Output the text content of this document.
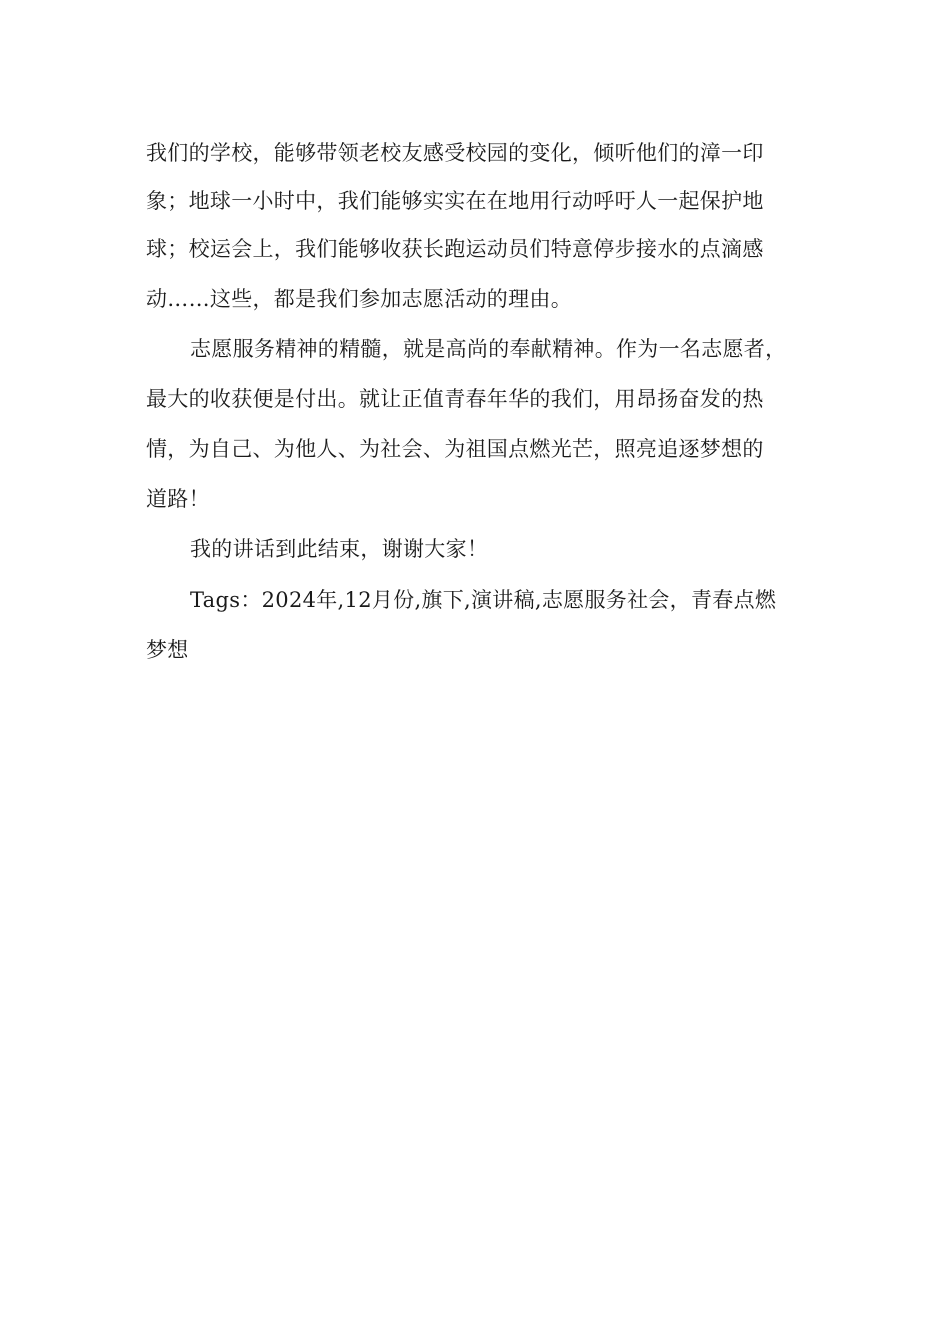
我们的学校，能够带领老校友感受校园的变化，倾听他们的漳一印
象；地球一小时中，我们能够实实在在地用行动呼吁人一起保护地
球；校运会上，我们能够收获长跑运动员们特意停步接水的点滴感
动……这些，都是我们参加志愿活动的理由。
志愿服务精神的精髓，就是高尚的奉献精神。作为一名志愿者，
最大的收获便是付出。就让正值青春年华的我们，用昂扬奋发的热
情，为自己、为他人、为社会、为祖国点燃光芒，照亮追逐梦想的
道路！
我的讲话到此结束，谢谢大家！
Tags：2024年,12月份,旗下,演讲稿,志愿服务社会，青春点燃
梦想
